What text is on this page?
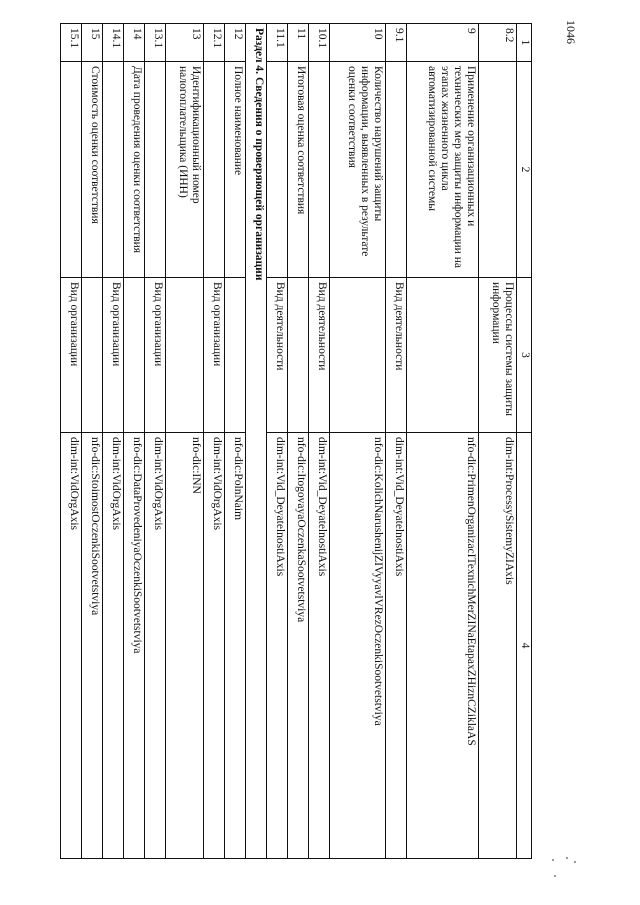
1046
1	2	3	4
8.2		Процессы системы защиты информации	dim-int:ProcessySistemyZIAxis
9	Применение организационных и технических мер защиты информации на этапах жизненного цикла автоматизированной системы		nfo-dic:PrimenOrganizacITexnichMerZINaEtapaxZHiznCZiklaAS
9.1		Вид деятельности	dim-int:Vid_DeyatelnostiAxis
10	Количество нарушений защиты информации, выявленных в результате оценки соответствия		nfo-dic:KolichNarushenijZIVyyavlVRezOczenkiSootvetstviya
10.1		Вид деятельности	dim-int:Vid_DeyatelnostiAxis
11	Итоговая оценка соответствия		nfo-dic:ItogovayaOczenkaSootvetstviya
11.1		Вид деятельности	dim-int:Vid_DeyatelnostiAxis
Раздел 4. Сведения о проверяющей организации			
12	Полное наименование		nfo-dic:PolnNaim
12.1		Вид организации	dim-int:VidOrgAxis
13	Идентификационный номер налогоплательщика (ИНН)		nfo-dic:INN
13.1		Вид организации	dim-int:VidOrgAxis
14	Дата проведения оценки соответствия		nfo-dic:DataProvedeniyaOczenkiSootvetstviya
14.1		Вид организации	dim-int:VidOrgAxis
15	Стоимость оценки соответствия		nfo-dic:StoimostOczenkiSootvetstviya
15.1		Вид организации	dim-int:VidOrgAxis
